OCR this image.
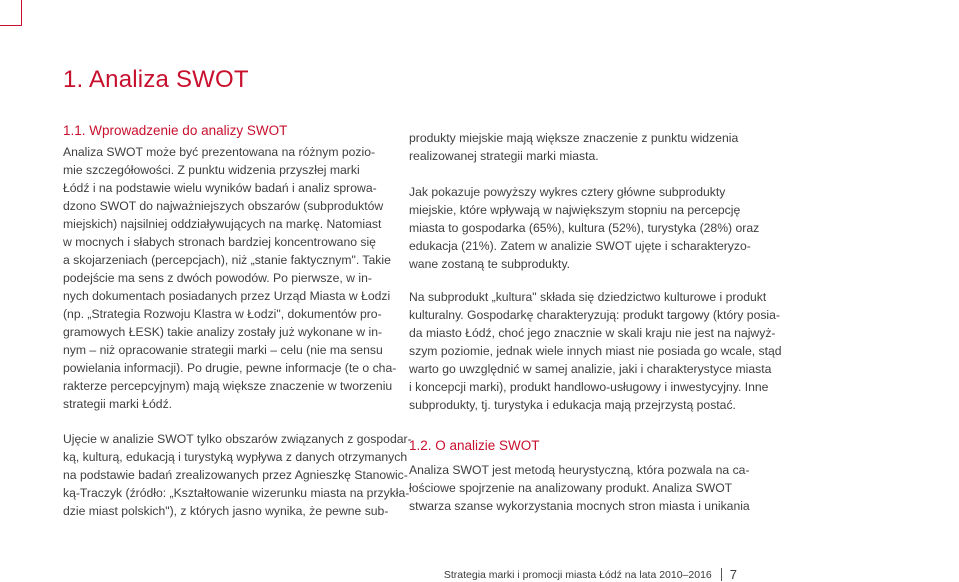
1. Analiza SWOT
1.1. Wprowadzenie do analizy SWOT
Analiza SWOT może być prezentowana na różnym pozio-
mie szczegółowości. Z punktu widzenia przyszłej marki
Łódź i na podstawie wielu wyników badań i analiz sprowa-
dzono SWOT do najważniejszych obszarów (subproduktów
miejskich) najsilniej oddziaływujących na markę. Natomiast
w mocnych i słabych stronach bardziej koncentrowano się
a skojarzeniach (percepcjach), niż „stanie faktycznym". Takie
podejście ma sens z dwóch powodów. Po pierwsze, w in-
nych dokumentach posiadanych przez Urząd Miasta w Łodzi
(np. „Strategia Rozwoju Klastra w Łodzi", dokumentów pro-
gramowych ŁESK) takie analizy zostały już wykonane w in-
nym – niż opracowanie strategii marki – celu (nie ma sensu
powielania informacji). Po drugie, pewne informacje (te o cha-
rakterze percepcyjnym) mają większe znaczenie w tworzeniu
strategii marki Łódź.
Ujęcie w analizie SWOT tylko obszarów związanych z gospodar-
ką, kulturą, edukacją i turystyką wypływa z danych otrzymanych
na podstawie badań zrealizowanych przez Agnieszkę Stanowic-
ką-Traczyk (źródło: „Kształtowanie wizerunku miasta na przykła-
dzie miast polskich"), z których jasno wynika, że pewne sub-
produkty miejskie mają większe znaczenie z punktu widzenia
realizowanej strategii marki miasta.
Jak pokazuje powyższy wykres cztery główne subprodukty
miejskie, które wpływają w największym stopniu na percepcję
miasta to gospodarka (65%), kultura (52%), turystyka (28%) oraz
edukacja (21%). Zatem w analizie SWOT ujęte i scharakteryzo-
wane zostaną te subprodukty.
Na subprodukt „kultura" składa się dziedzictwo kulturowe i produkt
kulturalny. Gospodarkę charakteryzują: produkt targowy (który posia-
da miasto Łódź, choć jego znacznie w skali kraju nie jest na najwyż-
szym poziomie, jednak wiele innych miast nie posiada go wcale, stąd
warto go uwzględnić w samej analizie, jaki i charakterystyce miasta
i koncepcji marki), produkt handlowo-usługowy i inwestycyjny. Inne
subprodukty, tj. turystyka i edukacja mają przejrzystą postać.
1.2. O analizie SWOT
Analiza SWOT jest metodą heurystyczną, która pozwala na ca-
łościowe spojrzenie na analizowany produkt. Analiza SWOT
stwarza szanse wykorzystania mocnych stron miasta i unikania
Strategia marki i promocji miasta Łódź na lata 2010–2016 7
